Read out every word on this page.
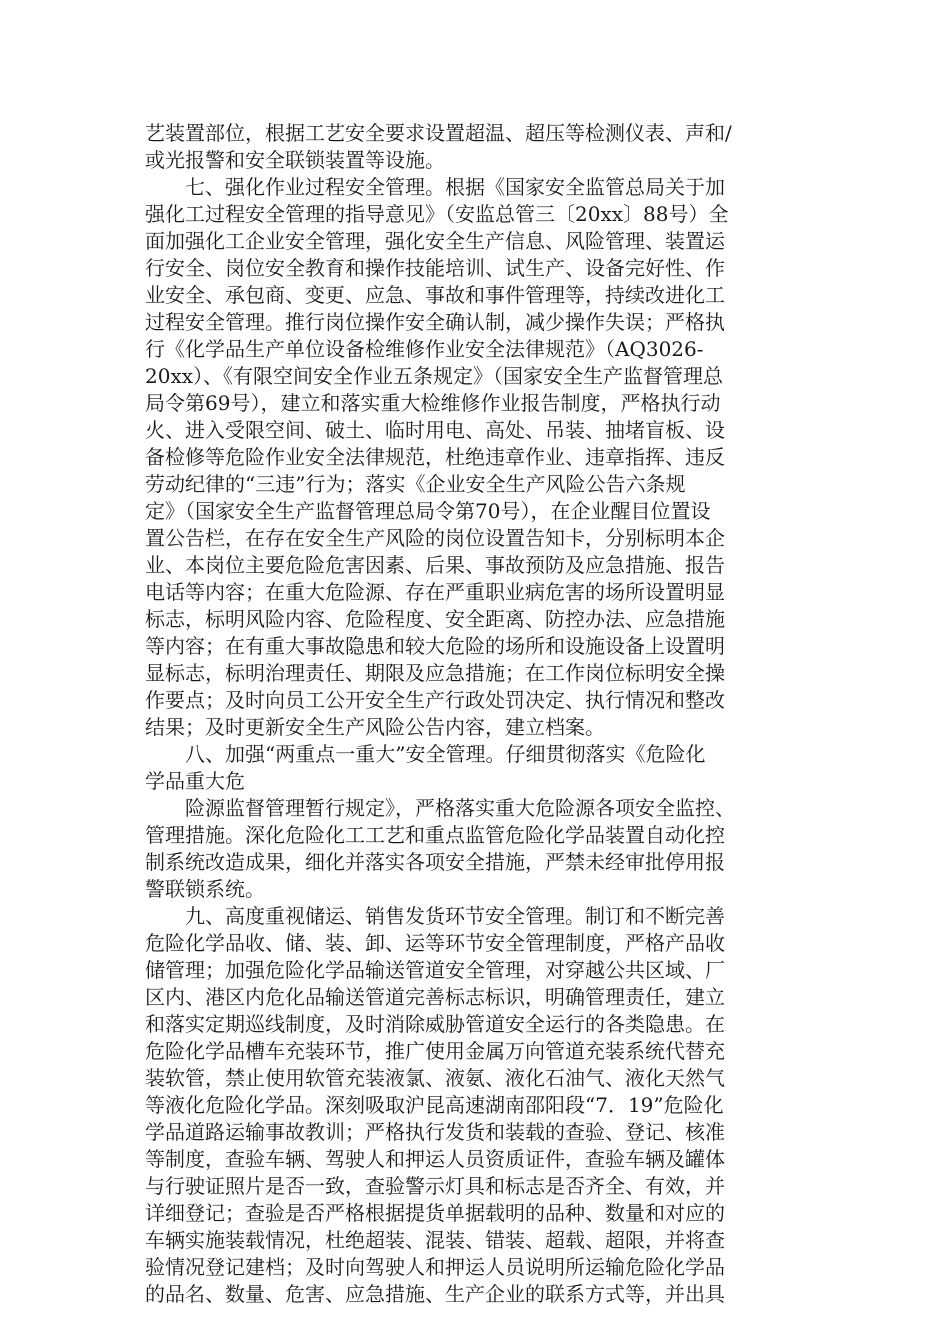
艺装置部位，根据工艺安全要求设置超温、超压等检测仪表、声和/
或光报警和安全联锁装置等设施。

七、强化作业过程安全管理。根据《国家安全监管总局关于加
强化工过程安全管理的指导意见》（安监总管三〔20xx〕88号）全
面加强化工企业安全管理，强化安全生产信息、风险管理、装置运
行安全、岗位安全教育和操作技能培训、试生产、设备完好性、作
业安全、承包商、变更、应急、事故和事件管理等，持续改进化工
过程安全管理。推行岗位操作安全确认制，减少操作失误；严格执
行《化学品生产单位设备检维修作业安全法律规范》（AQ3026-
20xx）、《有限空间安全作业五条规定》（国家安全生产监督管理总
局令第69号），建立和落实重大检维修作业报告制度，严格执行动
火、进入受限空间、破土、临时用电、高处、吊装、抽堵盲板、设
备检修等危险作业安全法律规范，杜绝违章作业、违章指挥、违反
劳动纪律的“三违”行为；落实《企业安全生产风险公告六条规
定》（国家安全生产监督管理总局令第70号），在企业醒目位置设
置公告栏，在存在安全生产风险的岗位设置告知卡，分别标明本企
业、本岗位主要危险危害因素、后果、事故预防及应急措施、报告
电话等内容；在重大危险源、存在严重职业病危害的场所设置明显
标志，标明风险内容、危险程度、安全距离、防控办法、应急措施
等内容；在有重大事故隐患和较大危险的场所和设施设备上设置明
显标志，标明治理责任、期限及应急措施；在工作岗位标明安全操
作要点；及时向员工公开安全生产行政处罚决定、执行情况和整改
结果；及时更新安全生产风险公告内容，建立档案。

八、加强“两重点一重大”安全管理。仔细贯彻落实《危险化
学品重大危

险源监督管理暂行规定》，严格落实重大危险源各项安全监控、
管理措施。深化危险化工工艺和重点监管危险化学品装置自动化控
制系统改造成果，细化并落实各项安全措施，严禁未经审批停用报
警联锁系统。

九、高度重视储运、销售发货环节安全管理。制订和不断完善
危险化学品收、储、装、卸、运等环节安全管理制度，严格产品收
储管理；加强危险化学品输送管道安全管理，对穿越公共区域、厂
区内、港区内危化品输送管道完善标志标识，明确管理责任，建立
和落实定期巡线制度，及时消除威胁管道安全运行的各类隐患。在
危险化学品槽车充装环节，推广使用金属万向管道充装系统代替充
装软管，禁止使用软管充装液氯、液氨、液化石油气、液化天然气
等液化危险化学品。深刻吸取沪昆高速湖南邵阳段“7．19”危险化
学品道路运输事故教训；严格执行发货和装载的查验、登记、核准
等制度，查验车辆、驾驶人和押运人员资质证件，查验车辆及罐体
与行驶证照片是否一致，查验警示灯具和标志是否齐全、有效，并
详细登记；查验是否严格根据提货单据载明的品种、数量和对应的
车辆实施装载情况，杜绝超装、混装、错装、超载、超限，并将查
验情况登记建档；及时向驾驶人和押运人员说明所运输危险化学品
的品名、数量、危害、应急措施、生产企业的联系方式等，并出具
